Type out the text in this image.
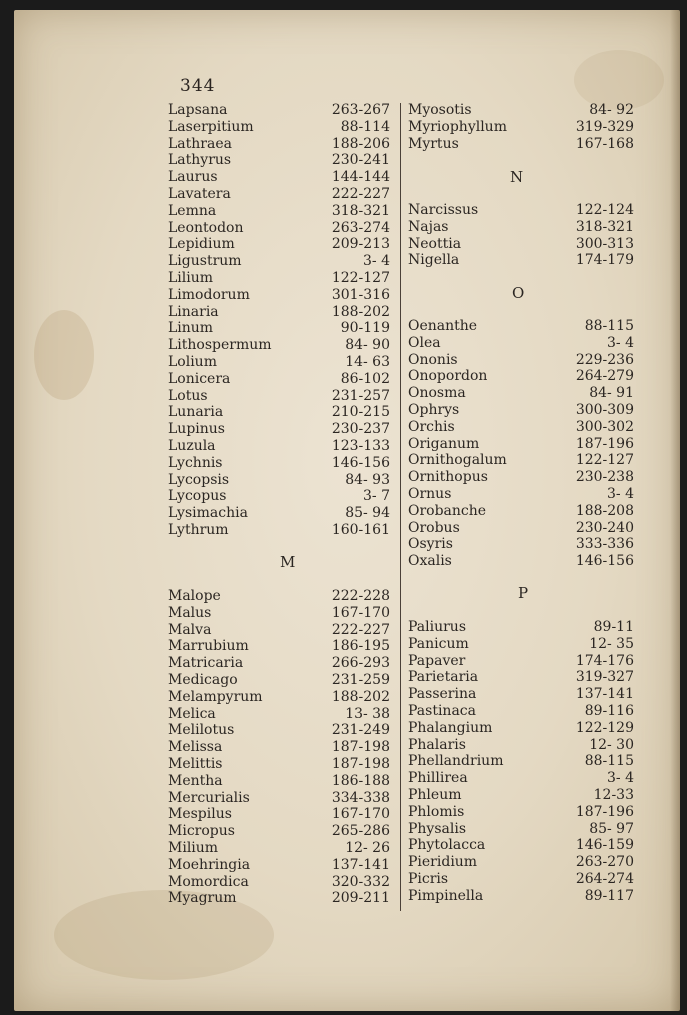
344
Lapsana	263-267
Laserpitium	88-114
Lathraea	188-206
Lathyrus	230-241
Laurus	144-144
Lavatera	222-227
Lemna	318-321
Leontodon	263-274
Lepidium	209-213
Ligustrum	3- 4
Lilium	122-127
Limodorum	301-316
Linaria	188-202
Linum	90-119
Lithospermum	84- 90
Lolium	14- 63
Lonicera	86-102
Lotus	231-257
Lunaria	210-215
Lupinus	230-237
Luzula	123-133
Lychnis	146-156
Lycopsis	84- 93
Lycopus	3- 7
Lysimachia	85- 94
Lythrum	160-161
M
Malope	222-228
Malus	167-170
Malva	222-227
Marrubium	186-195
Matricaria	266-293
Medicago	231-259
Melampyrum	188-202
Melica	13- 38
Melilotus	231-249
Melissa	187-198
Melittis	187-198
Mentha	186-188
Mercurialis	334-338
Mespilus	167-170
Micropus	265-286
Milium	12- 26
Moehringia	137-141
Momordica	320-332
Myagrum	209-211
Myosotis	84- 92
Myriophyllum	319-329
Myrtus	167-168
N
Narcissus	122-124
Najas	318-321
Neottia	300-313
Nigella	174-179
O
Oenanthe	88-115
Olea	3- 4
Ononis	229-236
Onopordon	264-279
Onosma	84- 91
Ophrys	300-309
Orchis	300-302
Origanum	187-196
Ornithogalum	122-127
Ornithopus	230-238
Ornus	3- 4
Orobanche	188-208
Orobus	230-240
Osyris	333-336
Oxalis	146-156
P
Paliurus	89-11
Panicum	12- 35
Papaver	174-176
Parietaria	319-327
Passerina	137-141
Pastinaca	89-116
Phalangium	122-129
Phalaris	12- 30
Phellandrium	88-115
Phillirea	3- 4
Phleum	12-33
Phlomis	187-196
Physalis	85- 97
Phytolacca	146-159
Pieridium	263-270
Picris	264-274
Pimpinella	89-117
